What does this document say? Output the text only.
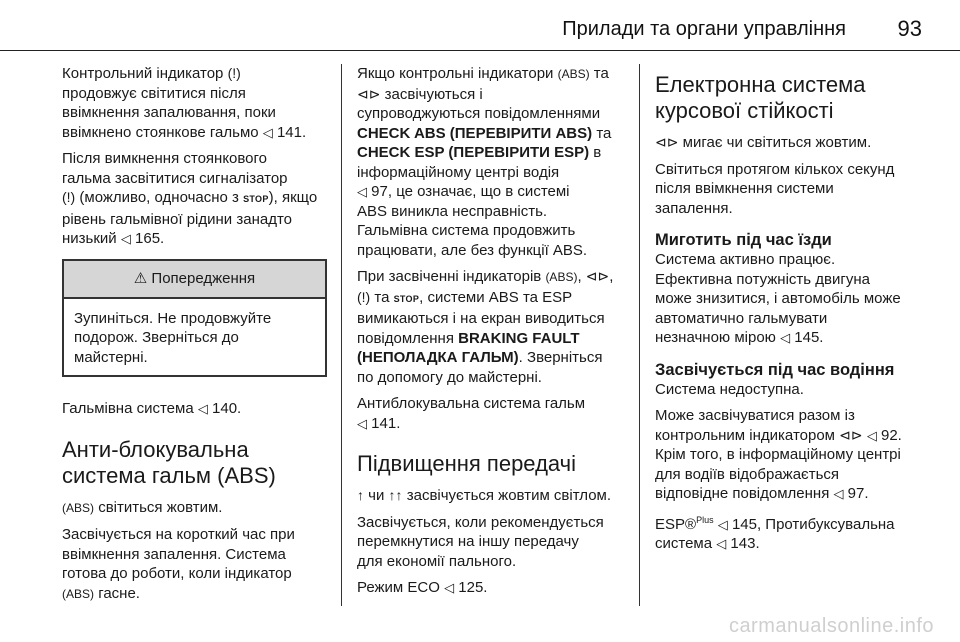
Прилади та органи управління 93

Контрольний індикатор (!)
продовжує світитися після
ввімкнення запалювання, поки
ввімкнено стоянкове гальмо ◁ 141.

Після вимкнення стоянкового
гальма засвітитися сигналізатор
(!) (можливо, одночасно з STOP), якщо
рівень гальмівної рідини занадто
низький ◁ 165.

⚠ Попередження
Зупиніться. Не продовжуйте
подорож. Зверніться до
майстерні.

Гальмівна система ◁ 140.

Анти-блокувальна
система гальм (ABS)

(ABS) світиться жовтим.

Засвічується на короткий час при
ввімкнення запалення. Система
готова до роботи, коли індикатор
(ABS) гасне.

Якщо контрольні індикатори (ABS) та
⊲⊳ засвічуються і
супроводжуються повідомленнями
CHECK ABS (ПЕРЕВІРИТИ ABS) та
CHECK ESP (ПЕРЕВІРИТИ ESP) в
інформаційному центрі водія
◁ 97, це означає, що в системі
ABS виникла несправність.
Гальмівна система продовжить
працювати, але без функції ABS.

При засвіченні індикаторів (ABS), ⊲⊳,
(!) та STOP, системи ABS та ESP
вимикаються і на екран виводиться
повідомлення BRAKING FAULT
(НЕПОЛАДКА ГАЛЬМ). Зверніться
по допомогу до майстерні.

Антиблокувальна система гальм
◁ 141.

Підвищення передачі

↑ чи ↑↑ засвічується жовтим світлом.

Засвічується, коли рекомендується
перемкнутися на іншу передачу
для економії пального.

Режим ECO ◁ 125.

Електронна система
курсової стійкості

⊲⊳ мигає чи світиться жовтим.

Світиться протягом кількох секунд
після ввімкнення системи
запалення.

Миготить під час їзди

Система активно працює.
Ефективна потужність двигуна
може знизитися, і автомобіль може
автоматично гальмувати
незначною мірою ◁ 145.

Засвічується під час водіння

Система недоступна.

Може засвічуватися разом із
контрольним індикатором ⊲⊳ ◁ 92.
Крім того, в інформаційному центрі
для водіїв відображається
відповідне повідомлення ◁ 97.

ESP®$^{Plus}$ ◁ 145, Протибуксувальна
система ◁ 143.

carmanualsonline.info
